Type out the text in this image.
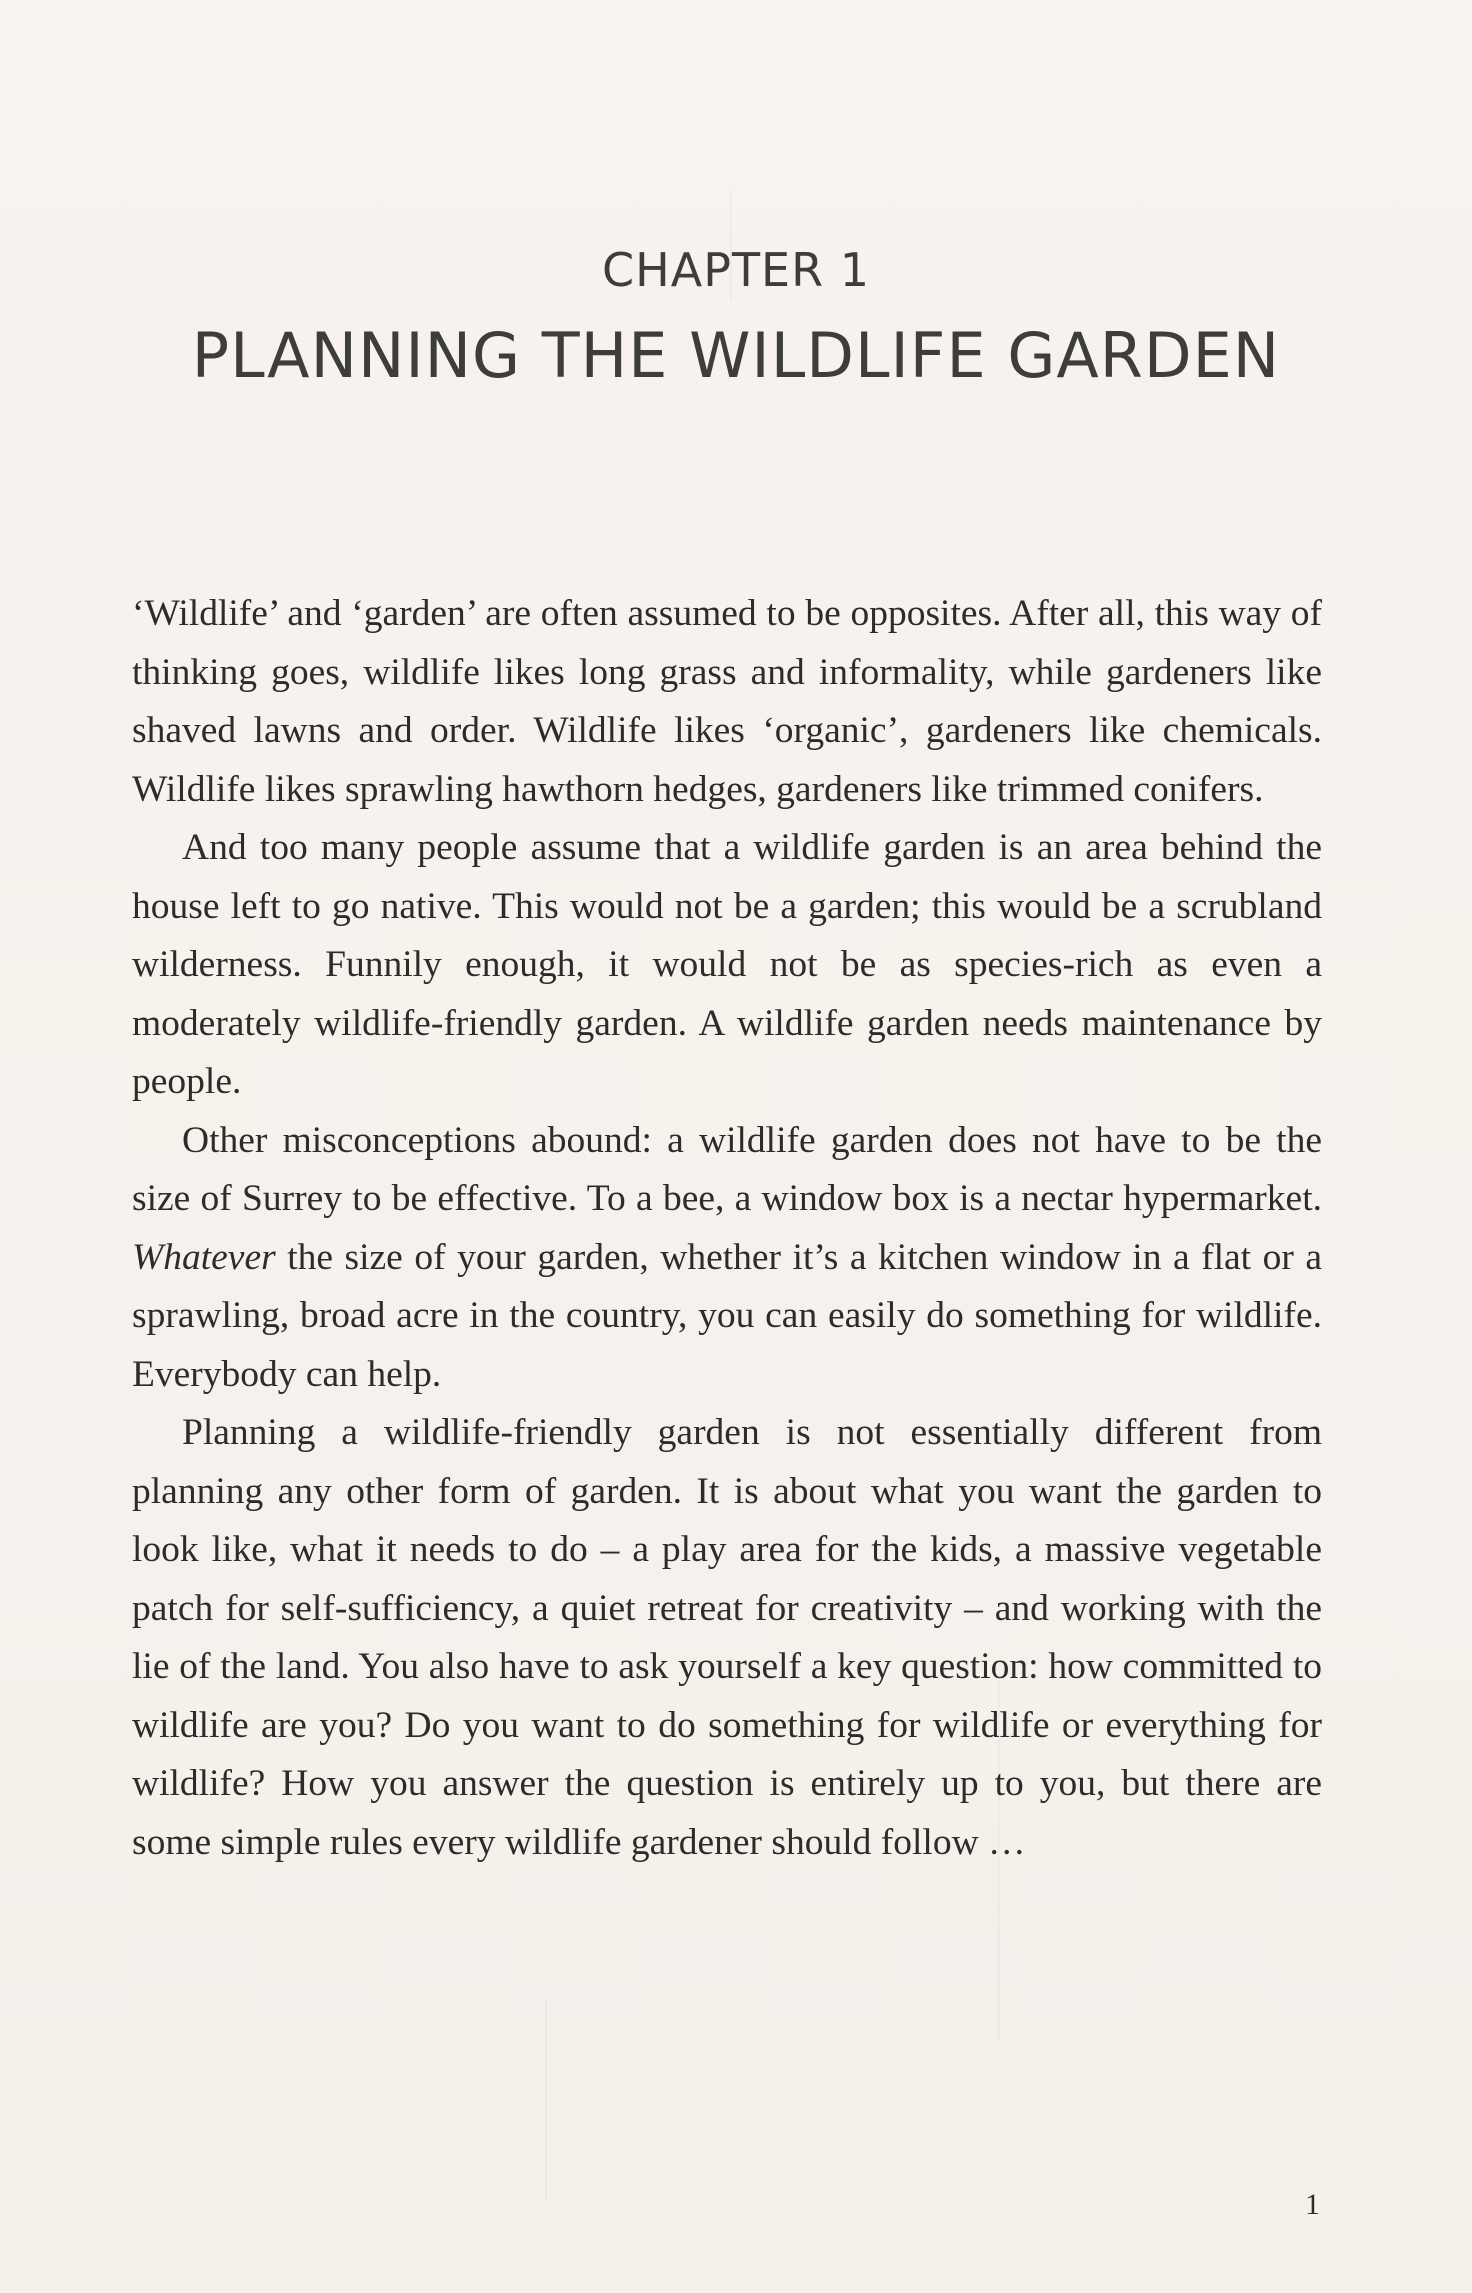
CHAPTER 1
PLANNING THE WILDLIFE GARDEN

‘Wildlife’ and ‘garden’ are often assumed to be opposites. After all, this way of thinking goes, wildlife likes long grass and informality, while gardeners like shaved lawns and order. Wildlife likes ‘organic’, gardeners like chemicals. Wildlife likes sprawling hawthorn hedges, gardeners like trimmed conifers.

And too many people assume that a wildlife garden is an area behind the house left to go native. This would not be a garden; this would be a scrubland wilderness. Funnily enough, it would not be as species-rich as even a moderately wildlife-friendly garden. A wildlife garden needs maintenance by people.

Other misconceptions abound: a wildlife garden does not have to be the size of Surrey to be effective. To a bee, a window box is a nectar hypermarket. Whatever the size of your garden, whether it’s a kitchen window in a flat or a sprawling, broad acre in the country, you can easily do something for wildlife. Everybody can help.

Planning a wildlife-friendly garden is not essentially different from planning any other form of garden. It is about what you want the garden to look like, what it needs to do – a play area for the kids, a massive vegetable patch for self-sufficiency, a quiet retreat for creativity – and working with the lie of the land. You also have to ask yourself a key question: how committed to wildlife are you? Do you want to do something for wildlife or everything for wildlife? How you answer the question is entirely up to you, but there are some simple rules every wildlife gardener should follow …

1
